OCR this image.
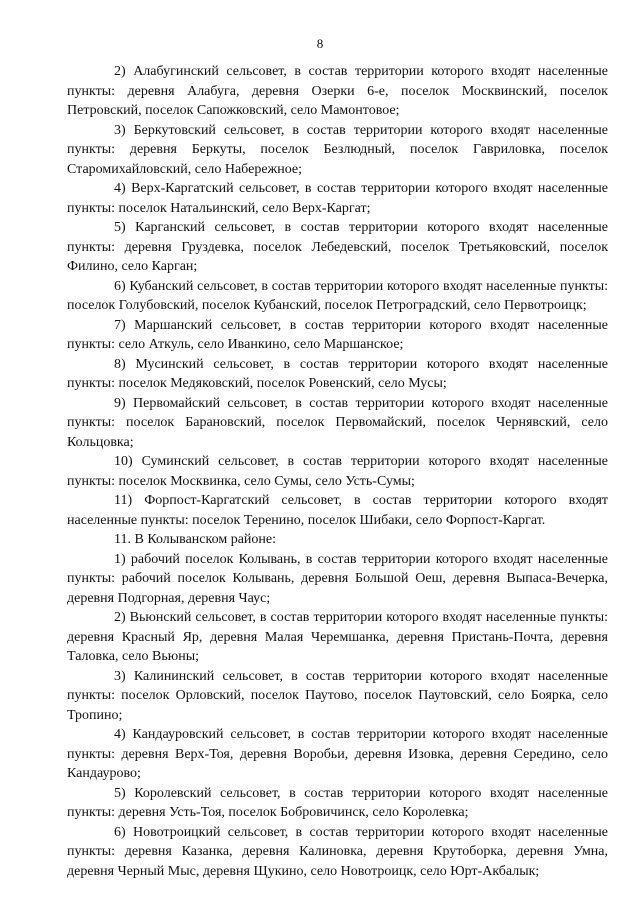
8

2) Алабугинский сельсовет, в состав территории которого входят населенные пункты: деревня Алабуга, деревня Озерки 6-е, поселок Москвинский, поселок Петровский, поселок Сапожковский, село Мамонтовое;

3) Беркутовский сельсовет, в состав территории которого входят населенные пункты: деревня Беркуты, поселок Безлюдный, поселок Гавриловка, поселок Старомихайловский, село Набережное;

4) Верх-Каргатский сельсовет, в состав территории которого входят населенные пункты: поселок Натальинский, село Верх-Каргат;

5) Карганский сельсовет, в состав территории которого входят населенные пункты: деревня Груздевка, поселок Лебедевский, поселок Третьяковский, поселок Филино, село Карган;

6) Кубанский сельсовет, в состав территории которого входят населенные пункты: поселок Голубовский, поселок Кубанский, поселок Петроградский, село Первотроицк;

7) Маршанский сельсовет, в состав территории которого входят населенные пункты: село Аткуль, село Иванкино, село Маршанское;

8) Мусинский сельсовет, в состав территории которого входят населенные пункты: поселок Медяковский, поселок Ровенский, село Мусы;

9) Первомайский сельсовет, в состав территории которого входят населенные пункты: поселок Барановский, поселок Первомайский, поселок Чернявский, село Кольцовка;

10) Суминский сельсовет, в состав территории которого входят населенные пункты: поселок Москвинка, село Сумы, село Усть-Сумы;

11) Форпост-Каргатский сельсовет, в состав территории которого входят населенные пункты: поселок Теренино, поселок Шибаки, село Форпост-Каргат.

11. В Колыванском районе:

1) рабочий поселок Колывань, в состав территории которого входят населенные пункты: рабочий поселок Колывань, деревня Большой Оеш, деревня Выпаса-Вечерка, деревня Подгорная, деревня Чаус;

2) Вьюнский сельсовет, в состав территории которого входят населенные пункты: деревня Красный Яр, деревня Малая Черемшанка, деревня Пристань-Почта, деревня Таловка, село Вьюны;

3) Калининский сельсовет, в состав территории которого входят населенные пункты: поселок Орловский, поселок Паутово, поселок Паутовский, село Боярка, село Тропино;

4) Кандауровский сельсовет, в состав территории которого входят населенные пункты: деревня Верх-Тоя, деревня Воробьи, деревня Изовка, деревня Середино, село Кандаурово;

5) Королевский сельсовет, в состав территории которого входят населенные пункты: деревня Усть-Тоя, поселок Бобровичинск, село Королевка;

6) Новотроицкий сельсовет, в состав территории которого входят населенные пункты: деревня Казанка, деревня Калиновка, деревня Крутоборка, деревня Умна, деревня Черный Мыс, деревня Щукино, село Новотроицк, село Юрт-Акбалык;
